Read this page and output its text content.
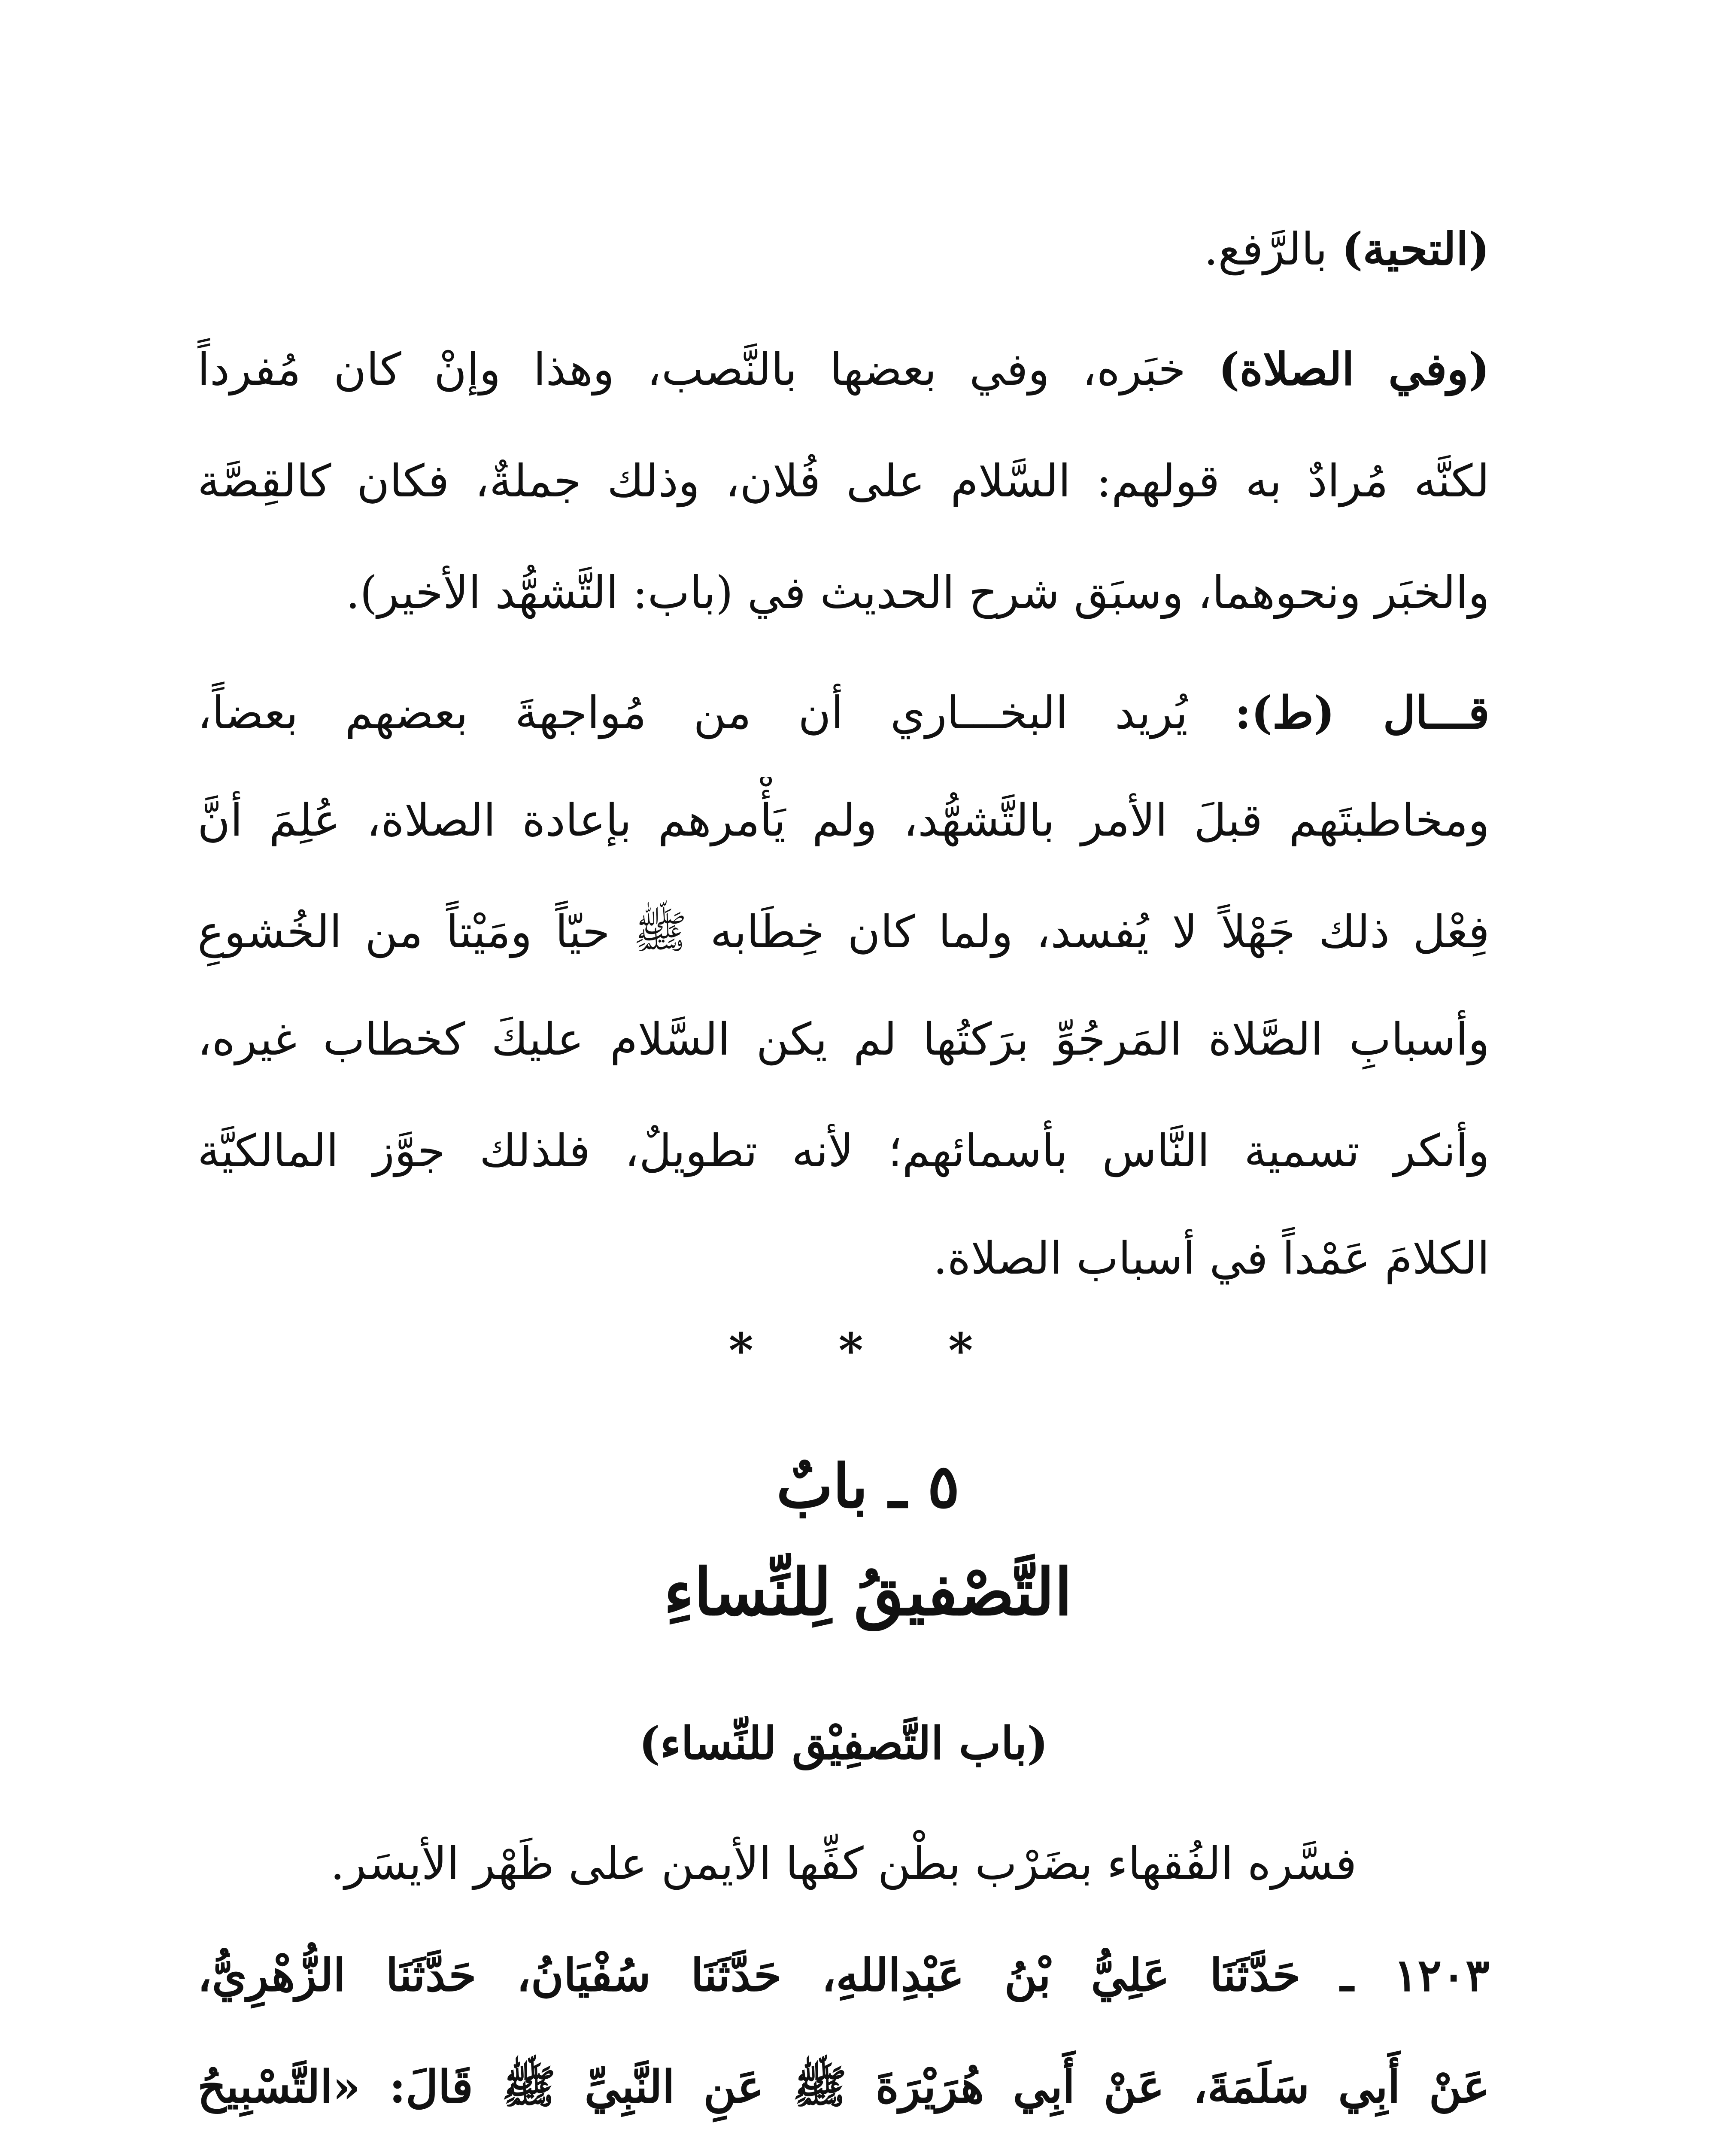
(التحية) بالرَّفع.
(وفي الصلاة) خبَره، وفي بعضها بالنَّصب، وهذا وإنْ كان مُفرداً
لكنَّه مُرادٌ به قولهم: السَّلام على فُلان، وذلك جملةٌ، فكان كالقِصَّة
والخبَر ونحوهما، وسبَق شرح الحديث في (باب: التَّشهُّد الأخير).
قـــال (ط): يُريد البخـــاري أن من مُواجهةَ بعضهم بعضاً،
ومخاطبتَهم قبلَ الأمر بالتَّشهُّد، ولم يَأْمرهم بإعادة الصلاة، عُلِمَ أنَّ
فِعْل ذلك جَهْلاً لا يُفسد، ولما كان خِطَابه ﷺ حيّاً ومَيْتاً من الخُشوعِ
وأسبابِ الصَّلاة المَرجُوِّ برَكتُها لم يكن السَّلام عليكَ كخطاب غيره،
وأنكر تسمية النَّاس بأسمائهم؛ لأنه تطويلٌ، فلذلك جوَّز المالكيَّة
الكلامَ عَمْداً في أسباب الصلاة.
* * *
٥ ـ بابٌ
التَّصْفيقُ لِلنِّساءِ
(باب التَّصفِيْق للنِّساء)
فسَّره الفُقهاء بضَرْب بطْن كفِّها الأيمن على ظَهْر الأيسَر.
١٢٠٣ ـ حَدَّثَنَا عَلِيُّ بْنُ عَبْدِاللهِ، حَدَّثَنَا سُفْيَانُ، حَدَّثَنَا الزُّهْرِيُّ،
عَنْ أَبِي سَلَمَةَ، عَنْ أَبِي هُرَيْرَةَ ﷺ عَنِ النَّبِيِّ ﷺ قَالَ: «التَّسْبِيحُ
